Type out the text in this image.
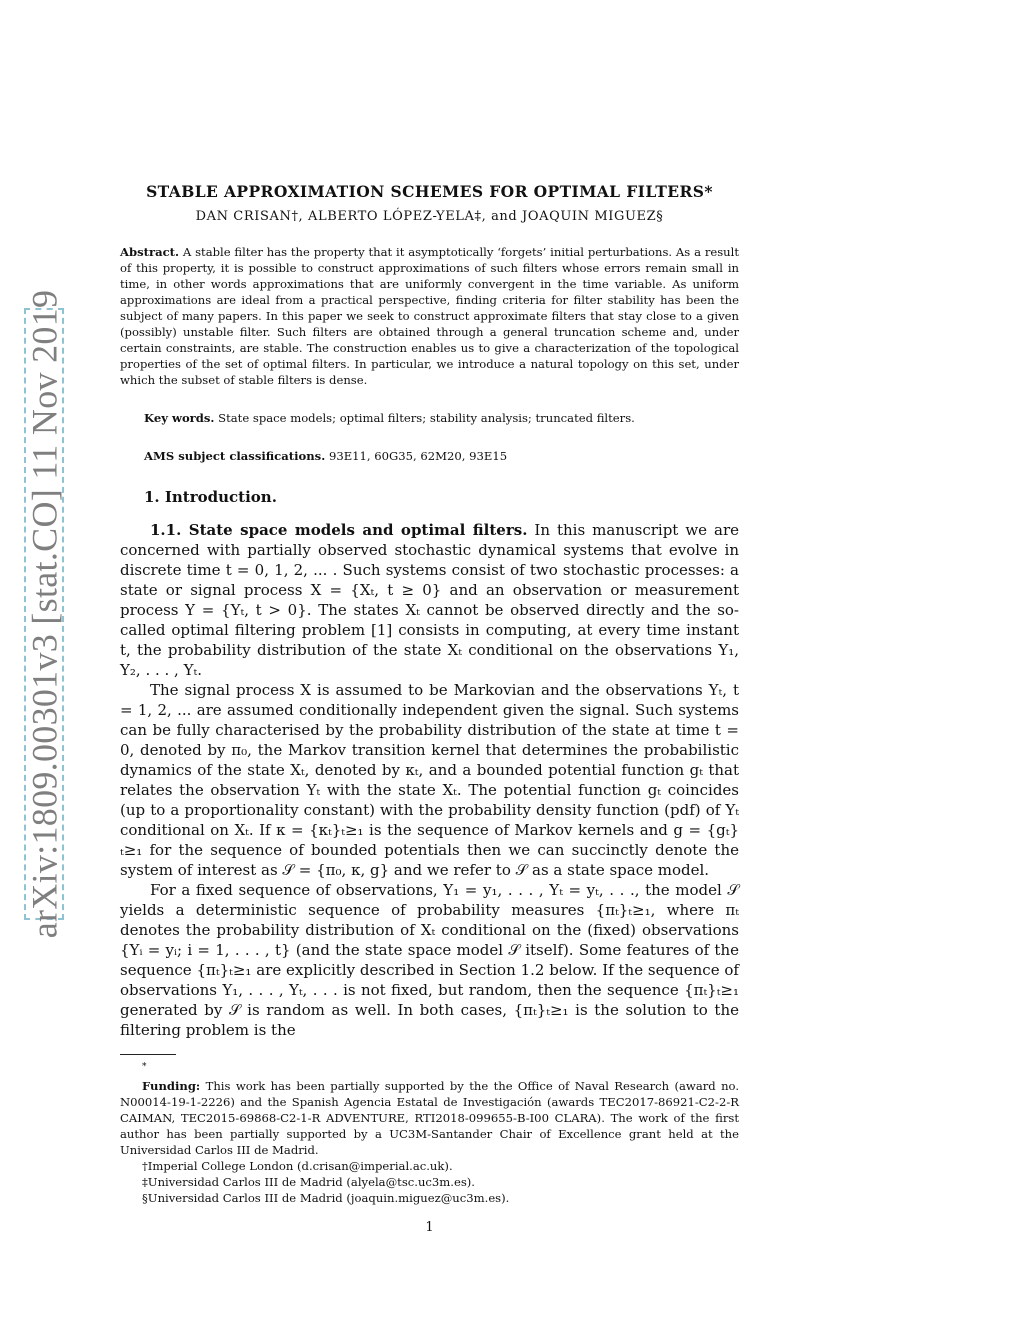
arXiv:1809.00301v3 [stat.CO] 11 Nov 2019
STABLE APPROXIMATION SCHEMES FOR OPTIMAL FILTERS*
DAN CRISAN†, ALBERTO LÓPEZ-YELA‡, and JOAQUIN MIGUEZ§
Abstract. A stable filter has the property that it asymptotically ‘forgets’ initial perturbations. As a result of this property, it is possible to construct approximations of such filters whose errors remain small in time, in other words approximations that are uniformly convergent in the time variable. As uniform approximations are ideal from a practical perspective, finding criteria for filter stability has been the subject of many papers. In this paper we seek to construct approximate filters that stay close to a given (possibly) unstable filter. Such filters are obtained through a general truncation scheme and, under certain constraints, are stable. The construction enables us to give a characterization of the topological properties of the set of optimal filters. In particular, we introduce a natural topology on this set, under which the subset of stable filters is dense.
Key words. State space models; optimal filters; stability analysis; truncated filters.
AMS subject classifications. 93E11, 60G35, 62M20, 93E15
1. Introduction.

1.1. State space models and optimal filters. In this manuscript we are concerned with partially observed stochastic dynamical systems that evolve in discrete time t = 0, 1, 2, ... . Such systems consist of two stochastic processes: a state or signal process X = {Xₜ, t ≥ 0} and an observation or measurement process Y = {Yₜ, t > 0}. The states Xₜ cannot be observed directly and the so-called optimal filtering problem [1] consists in computing, at every time instant t, the probability distribution of the state Xₜ conditional on the observations Y₁, Y₂, . . . , Yₜ.

The signal process X is assumed to be Markovian and the observations Yₜ, t = 1, 2, ... are assumed conditionally independent given the signal. Such systems can be fully characterised by the probability distribution of the state at time t = 0, denoted by π₀, the Markov transition kernel that determines the probabilistic dynamics of the state Xₜ, denoted by κₜ, and a bounded potential function gₜ that relates the observation Yₜ with the state Xₜ. The potential function gₜ coincides (up to a proportionality constant) with the probability density function (pdf) of Yₜ conditional on Xₜ. If κ = {κₜ}ₜ≥₁ is the sequence of Markov kernels and g = {gₜ}ₜ≥₁ for the sequence of bounded potentials then we can succinctly denote the system of interest as 𝒮 = {π₀, κ, g} and we refer to 𝒮 as a state space model.

For a fixed sequence of observations, Y₁ = y₁, . . . , Yₜ = yₜ, . . ., the model 𝒮 yields a deterministic sequence of probability measures {πₜ}ₜ≥₁, where πₜ denotes the probability distribution of Xₜ conditional on the (fixed) observations {Yᵢ = yᵢ; i = 1, . . . , t} (and the state space model 𝒮 itself). Some features of the sequence {πₜ}ₜ≥₁ are explicitly described in Section 1.2 below. If the sequence of observations Y₁, . . . , Yₜ, . . . is not fixed, but random, then the sequence {πₜ}ₜ≥₁ generated by 𝒮 is random as well. In both cases, {πₜ}ₜ≥₁ is the solution to the filtering problem is the

*

Funding: This work has been partially supported by the the Office of Naval Research (award no. N00014-19-1-2226) and the Spanish Agencia Estatal de Investigación (awards TEC2017-86921-C2-2-R CAIMAN, TEC2015-69868-C2-1-R ADVENTURE, RTI2018-099655-B-I00 CLARA). The work of the first author has been partially supported by a UC3M-Santander Chair of Excellence grant held at the Universidad Carlos III de Madrid.

†Imperial College London (d.crisan@imperial.ac.uk).

‡Universidad Carlos III de Madrid (alyela@tsc.uc3m.es).

§Universidad Carlos III de Madrid (joaquin.miguez@uc3m.es).

1
